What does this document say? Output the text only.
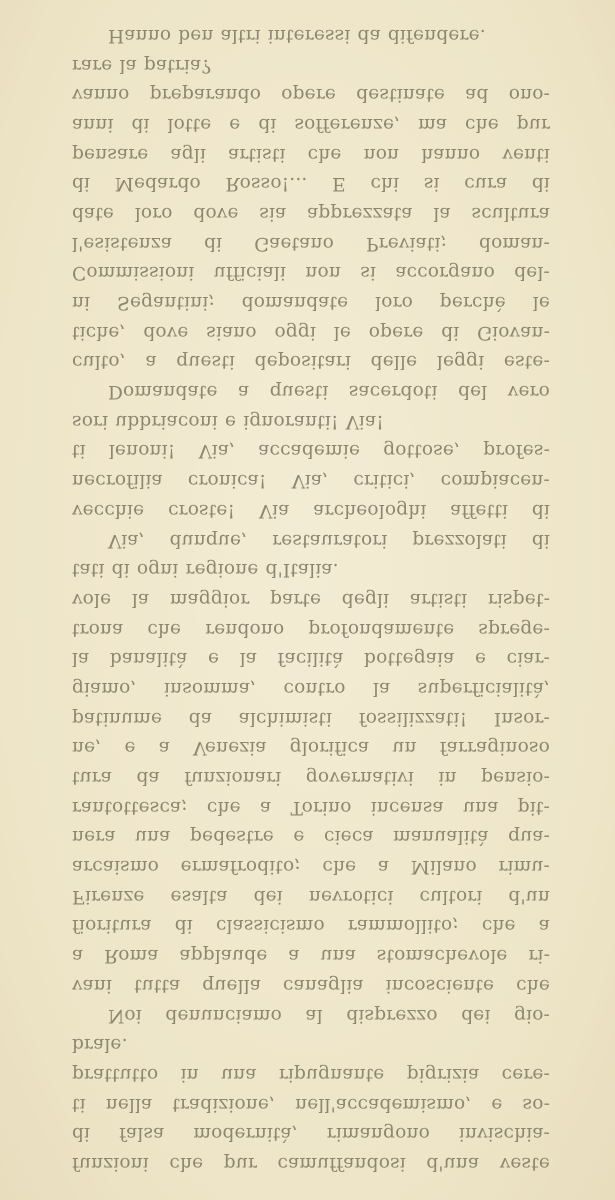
funzioni che pur camuffandosi d'una veste
di falsa modernità, rimangono invischia-
ti nella tradizione, nell'accademismo, e so-
prattutto in una ripugnante pigrizia cere-
brale.
Noi denunciamo al disprezzo dei gio-
vani tutta quella canaglia incosciente che
a Roma applaude a una stomachevole ri-
fioritura di classicismo rammollito; che a
Firenze esalta dei nevrotici cultori d'un
arcaismo ermafrodito; che a Milano rimu-
nera una pedestre e cieca manualità qua-
rantottesca; che a Torino incensa una pit-
tura da funzionari governativi in pensio-
ne, e a Venezia glorifica un farraginoso
patinume da alchimisti fossilizzati! Insor-
giamo, insomma, contro la superficialità,
la banalità e la facilità bottegaia e ciar-
trona che rendono profondamente sprege-
vole la maggior parte degli artisti rispet-
tati di ogni regione d'Italia.
Via, dunque, restauratori prezzolati di
vecchie croste! Via archeologhi affetti di
necrofilia cronica! Via, critici, compiacen-
ti lenoni! Via, accademie gottose, profes-
sori ubbriaconi e ignoranti! Via!
Domandate a questi sacerdoti del vero
culto, a questi depositari delle leggi este-
tiche, dove siano oggi le opere di Giovan-
ni Segantini; domandate loro perchè le
Commissioni ufficiali non si accorgano del-
l'esistenza di Gaetano Previati; doman-
date loro dove sia apprezzata la scultura
di Medardo Rosso!... E chi si cura di
pensare agli artisti che non hanno venti
anni di lotte e di sofferenze, ma che pur
vanno preparando opere destinate ad ono-
rare la patria?
Hanno ben altri interessi da difendere.
